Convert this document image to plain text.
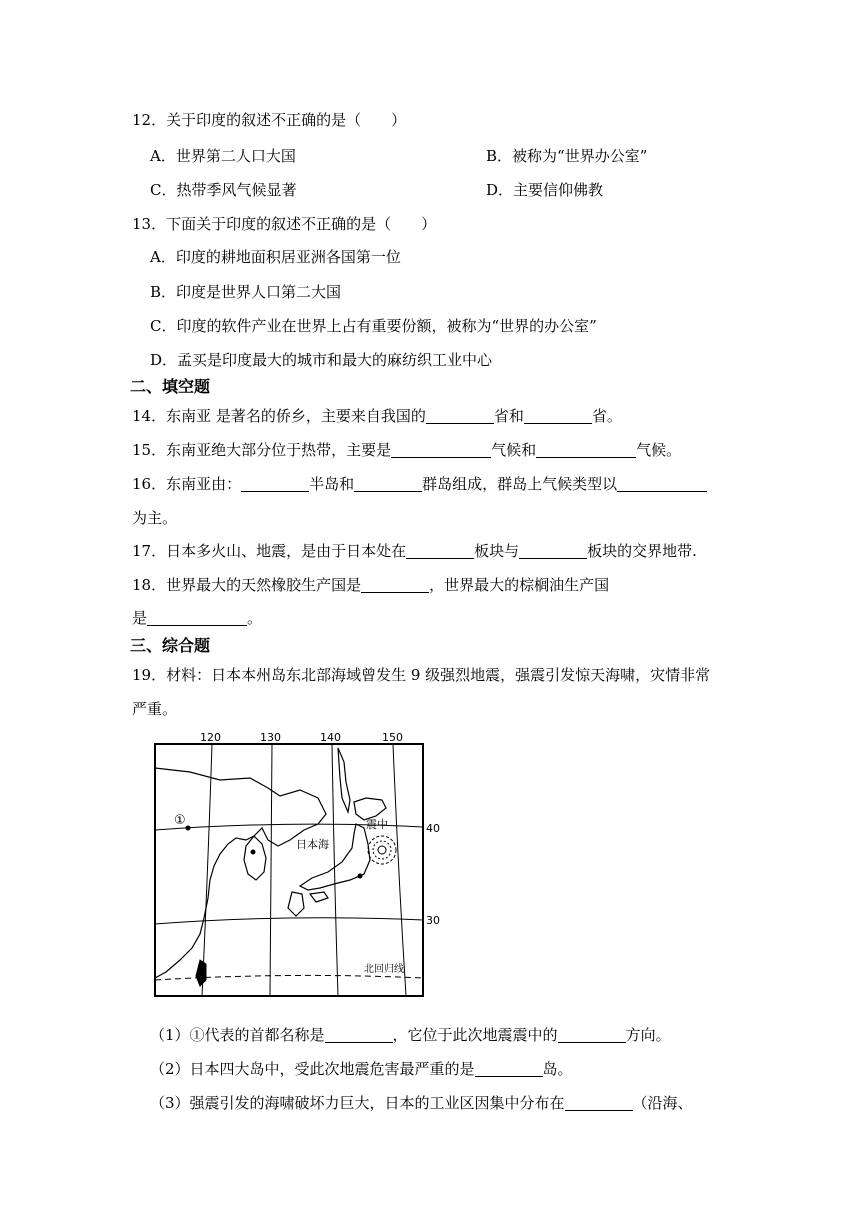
12．关于印度的叙述不正确的是（　　）
A．世界第二人口大国	B．被称为“世界办公室”
C．热带季风气候显著	D．主要信仰佛教
13．下面关于印度的叙述不正确的是（　　）
A．印度的耕地面积居亚洲各国第一位
B．印度是世界人口第二大国
C．印度的软件产业在世界上占有重要份额，被称为“世界的办公室”
D．孟买是印度最大的城市和最大的麻纺织工业中心
二、填空题
14．东南亚 是著名的侨乡，主要来自我国的	省和	省。
15．东南亚绝大部分位于热带，主要是	气候和	气候。
16．东南亚由：	半岛和	群岛组成，群岛上气候类型以
为主。
17．日本多火山、地震，是由于日本处在	板块与	板块的交界地带.
18．世界最大的天然橡胶生产国是	，世界最大的棕榈油生产国
是	。
三、综合题
19．材料：日本本州岛东北部海域曾发生 9 级强烈地震，强震引发惊天海啸，灾情非常
严重。
120	130	140	150
40
30
①
日本海
震中
北回归线
（1）①代表的首都名称是	，它位于此次地震震中的	方向。
（2）日本四大岛中，受此次地震危害最严重的是	岛。
（3）强震引发的海啸破坏力巨大，日本的工业区因集中分布在	（沿海、
